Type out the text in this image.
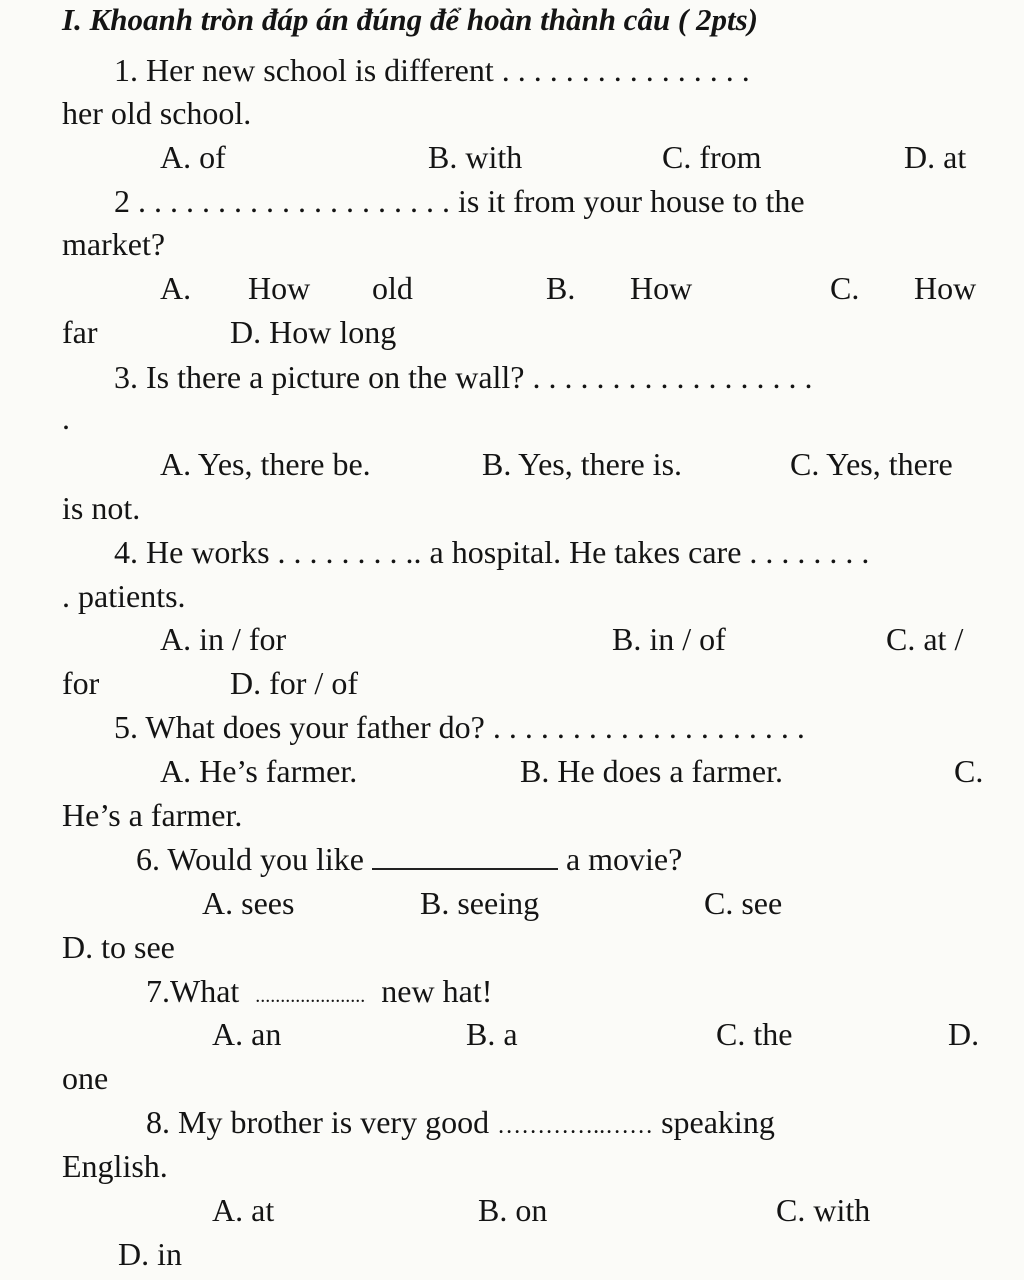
I. Khoanh tròn đáp án đúng để hoàn thành câu ( 2pts)
1. Her new school is different . . . . . . . . . . . . . . . .
her old school.
A. of	B. with	C. from	D. at
2 . . . . . . . . . . . . . . . . . . . . is it from your house to the
market?
A. How old	B. How	C. How
far	D. How long
3. Is there a picture on the wall? . . . . . . . . . . . . . . . . . .
.
A. Yes, there be.	B. Yes, there is.	C. Yes, there
is not.
4. He works . . . . . . . . .. a hospital. He takes care . . . . . . . .
. patients.
A. in / for	B. in / of	C. at /
for	D. for / of
5. What does your father do? . . . . . . . . . . . . . . . . . . . .
A. He’s farmer.	B. He does a farmer.	C.
He’s a farmer.
6. Would you like	a movie?
A. sees	B. seeing	C. see
D. to see
7.What  ......................  new hat!
A. an	B. a	C. the	D.
one
8. My brother is very good …………..…… speaking
English.
A. at	B. on	C. with
D. in
